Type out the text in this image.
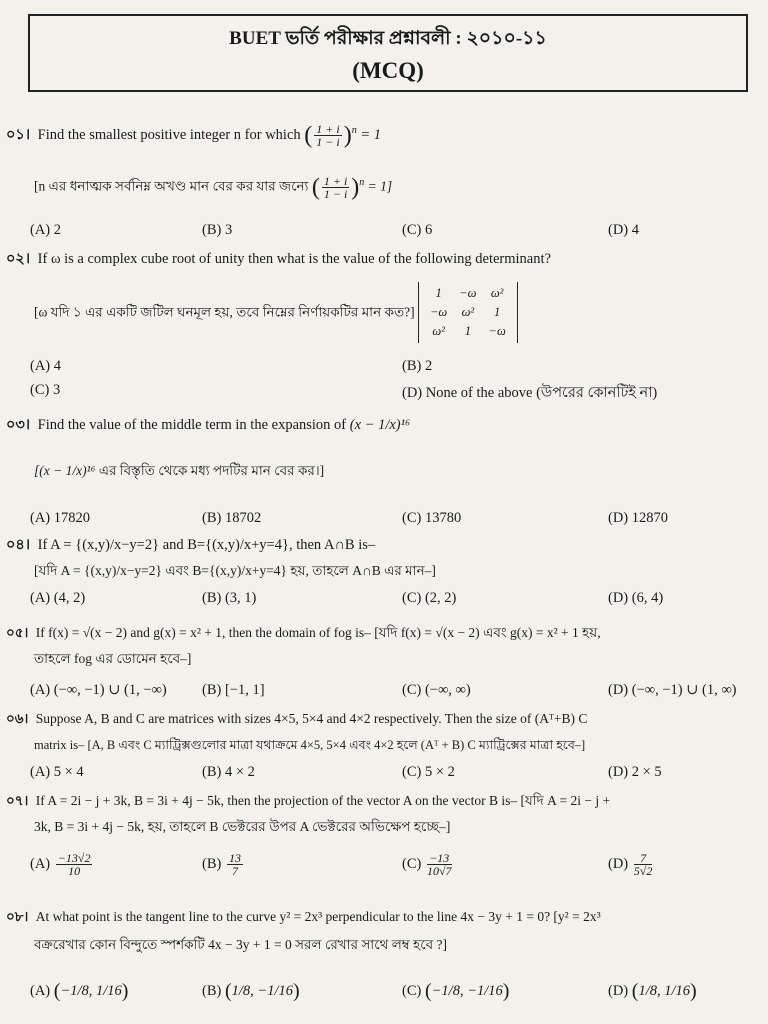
BUET ভর্তি পরীক্ষার প্রশ্নাবলী : ২০১০-১১
(MCQ)
০১। Find the smallest positive integer n for which ( $\frac{1 + i}{1 - i} )^n = 1$
[n এর ধনাত্মক সর্বনিম্ন অখণ্ড মান বের কর যার জন্যে ( $\frac{1 + i}{1 - i} )^n = 1$]
(A) 2	(B) 3	(C) 6	(D) 4
০২। If ω is a complex cube root of unity then what is the value of the following determinant?
[ω যদি ১ এর একটি জটিল ঘনমূল হয়, তবে নিম্নের নির্ণায়কটির মান কত?] 1	−ω	ω²
−ω	ω²	1
ω²	1	−ω
(A) 4	(B) 2
(C) 3	(D) None of the above (উপরের কোনটিই না)
০৩। Find the value of the middle term in the expansion of (x − 1/x)¹⁶
[(x − 1/x)¹⁶ এর বিস্তৃতি থেকে মধ্য পদটির মান বের কর।]
(A) 17820	(B) 18702	(C) 13780	(D) 12870
০৪। If A = {(x,y)/x−y=2} and B={(x,y)/x+y=4}, then A∩B is–
[যদি A = {(x,y)/x−y=2} এবং B={(x,y)/x+y=4} হয়, তাহলে A∩B এর মান–]
(A) (4, 2)	(B) (3, 1)	(C) (2, 2)	(D) (6, 4)
০৫। If f(x) = √(x − 2) and g(x) = x² + 1, then the domain of fog is– [যদি f(x) = √(x − 2) এবং g(x) = x² + 1 হয়,
তাহলে fog এর ডোমেন হবে–]
(A) (−∞, −1) ∪ (1, −∞) (B) [−1, 1]	(C) (−∞, ∞)	(D) (−∞, −1) ∪ (1, ∞)
০৬। Suppose A, B and C are matrices with sizes 4×5, 5×4 and 4×2 respectively. Then the size of (Aᵀ+B) C
matrix is– [A, B এবং C ম্যাট্রিক্সগুলোর মাত্রা যথাক্রমে 4×5, 5×4 এবং 4×2 হলে (Aᵀ + B) C ম্যাট্রিক্সের মাত্রা হবে–]
(A) 5 × 4	(B) 4 × 2	(C) 5 × 2	(D) 2 × 5
০৭। If A = 2i − j + 3k, B = 3i + 4j − 5k, then the projection of the vector A on the vector B is– [যদি A = 2i − j +
3k, B = 3i + 4j − 5k, হয়, তাহলে B ভেক্টরের উপর A ভেক্টরের অভিক্ষেপ হচ্ছে–]
$(A) \frac{-13√2}{10}$	$(B) \frac{13}{7}$	$(C) \frac{-13}{10√7}$	$(D) \frac{7}{5√2}$
০৮। At what point is the tangent line to the curve y² = 2x³ perpendicular to the line 4x − 3y + 1 = 0? [y² = 2x³
বক্ররেখার কোন বিন্দুতে স্পর্শকটি 4x − 3y + 1 = 0 সরল রেখার সাথে লম্ব হবে ?]
(A) (−1/8, 1/16)	(B) (1/8, −1/16)	(C) (−1/8, −1/16)	(D) (1/8, 1/16)
